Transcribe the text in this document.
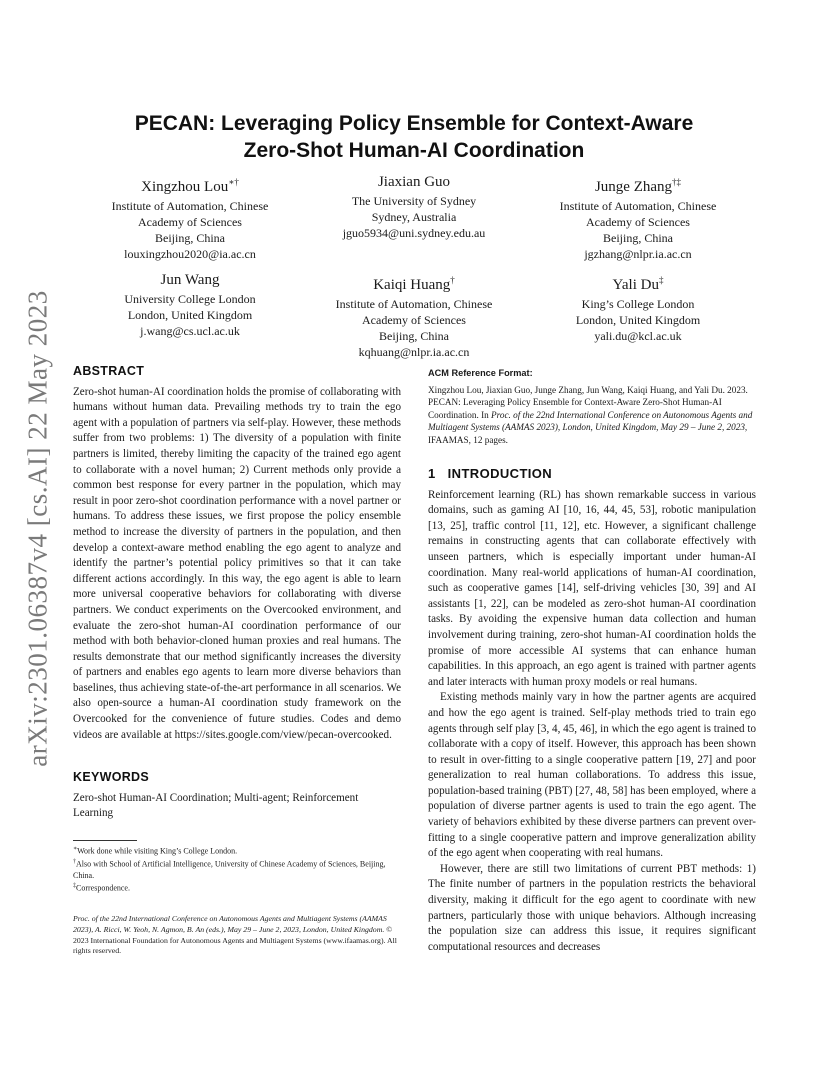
arXiv:2301.06387v4 [cs.AI] 22 May 2023
PECAN: Leveraging Policy Ensemble for Context-Aware
Zero-Shot Human-AI Coordination
Xingzhou Lou∗†
Institute of Automation, Chinese
Academy of Sciences
Beijing, China
louxingzhou2020@ia.ac.cn
Jiaxian Guo
The University of Sydney
Sydney, Australia
jguo5934@uni.sydney.edu.au
Junge Zhang†‡
Institute of Automation, Chinese
Academy of Sciences
Beijing, China
jgzhang@nlpr.ia.ac.cn
Jun Wang
University College London
London, United Kingdom
j.wang@cs.ucl.ac.uk
Kaiqi Huang†
Institute of Automation, Chinese
Academy of Sciences
Beijing, China
kqhuang@nlpr.ia.ac.cn
Yali Du‡
King’s College London
London, United Kingdom
yali.du@kcl.ac.uk
ABSTRACT

Zero-shot human-AI coordination holds the promise of collaborating with humans without human data. Prevailing methods try to train the ego agent with a population of partners via self-play. However, these methods suffer from two problems: 1) The diversity of a population with finite partners is limited, thereby limiting the capacity of the trained ego agent to collaborate with a novel human; 2) Current methods only provide a common best response for every partner in the population, which may result in poor zero-shot coordination performance with a novel partner or humans. To address these issues, we first propose the policy ensemble method to increase the diversity of partners in the population, and then develop a context-aware method enabling the ego agent to analyze and identify the partner’s potential policy primitives so that it can take different actions accordingly. In this way, the ego agent is able to learn more universal cooperative behaviors for collaborating with diverse partners. We conduct experiments on the Overcooked environment, and evaluate the zero-shot human-AI coordination performance of our method with both behavior-cloned human proxies and real humans. The results demonstrate that our method significantly increases the diversity of partners and enables ego agents to learn more diverse behaviors than baselines, thus achieving state-of-the-art performance in all scenarios. We also open-source a human-AI coordination study framework on the Overcooked for the convenience of future studies. Codes and demo videos are available at https://sites.google.com/view/pecan-overcooked.

KEYWORDS

Zero-shot Human-AI Coordination; Multi-agent; Reinforcement Learning

∗Work done while visiting King’s College London.
†Also with School of Artificial Intelligence, University of Chinese Academy of Sciences, Beijing, China.
‡Correspondence.
Proc. of the 22nd International Conference on Autonomous Agents and Multiagent Systems (AAMAS 2023), A. Ricci, W. Yeoh, N. Agmon, B. An (eds.), May 29 – June 2, 2023, London, United Kingdom. © 2023 International Foundation for Autonomous Agents and Multiagent Systems (www.ifaamas.org). All rights reserved.
ACM Reference Format:

Xingzhou Lou, Jiaxian Guo, Junge Zhang, Jun Wang, Kaiqi Huang, and Yali Du. 2023. PECAN: Leveraging Policy Ensemble for Context-Aware Zero-Shot Human-AI Coordination. In Proc. of the 22nd International Conference on Autonomous Agents and Multiagent Systems (AAMAS 2023), London, United Kingdom, May 29 – June 2, 2023, IFAAMAS, 12 pages.

1 INTRODUCTION

Reinforcement learning (RL) has shown remarkable success in various domains, such as gaming AI [10, 16, 44, 45, 53], robotic manipulation [13, 25], traffic control [11, 12], etc. However, a significant challenge remains in constructing agents that can collaborate effectively with unseen partners, which is especially important under human-AI coordination. Many real-world applications of human-AI coordination, such as cooperative games [14], self-driving vehicles [30, 39] and AI assistants [1, 22], can be modeled as zero-shot human-AI coordination tasks. By avoiding the expensive human data collection and human involvement during training, zero-shot human-AI coordination holds the promise of more accessible AI systems that can enhance human capabilities. In this approach, an ego agent is trained with partner agents and later interacts with human proxy models or real humans.

Existing methods mainly vary in how the partner agents are acquired and how the ego agent is trained. Self-play methods tried to train ego agents through self play [3, 4, 45, 46], in which the ego agent is trained to collaborate with a copy of itself. However, this approach has been shown to result in over-fitting to a single cooperative pattern [19, 27] and poor generalization to real human collaborations. To address this issue, population-based training (PBT) [27, 48, 58] has been employed, where a population of diverse partner agents is used to train the ego agent. The variety of behaviors exhibited by these diverse partners can prevent over-fitting to a single cooperative pattern and improve generalization ability of the ego agent when cooperating with real humans.

However, there are still two limitations of current PBT methods: 1) The finite number of partners in the population restricts the behavioral diversity, making it difficult for the ego agent to coordinate with new partners, particularly those with unique behaviors. Although increasing the population size can address this issue, it requires significant computational resources and decreases
